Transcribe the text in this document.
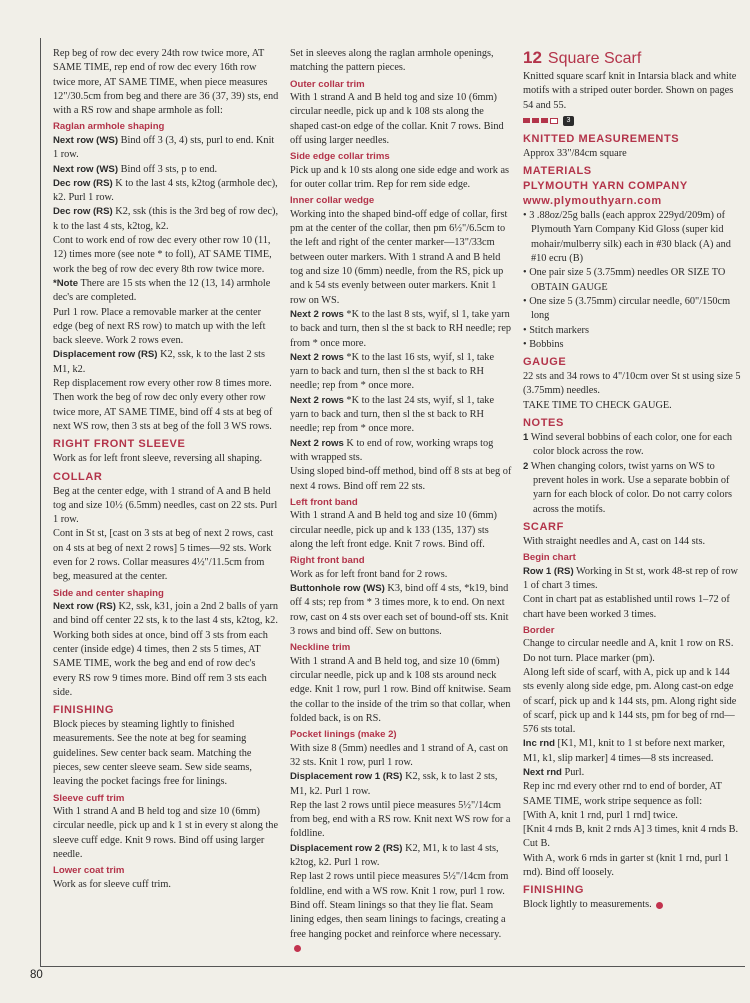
80

Rep beg of row dec every 24th row twice more, AT SAME TIME, rep end of row dec every 16th row twice more, AT SAME TIME, when piece measures 12"/30.5cm from beg and there are 36 (37, 39) sts, end with a RS row and shape armhole as foll:

Raglan armhole shaping

Next row (WS) Bind off 3 (3, 4) sts, purl to end. Knit 1 row.

Next row (WS) Bind off 3 sts, p to end.

Dec row (RS) K to the last 4 sts, k2tog (armhole dec), k2. Purl 1 row.

Dec row (RS) K2, ssk (this is the 3rd beg of row dec), k to the last 4 sts, k2tog, k2.

Cont to work end of row dec every other row 10 (11, 12) times more (see note * to foll), AT SAME TIME, work the beg of row dec every 8th row twice more.

*Note There are 15 sts when the 12 (13, 14) armhole dec's are completed.

Purl 1 row. Place a removable marker at the center edge (beg of next RS row) to match up with the left back sleeve. Work 2 rows even.

Displacement row (RS) K2, ssk, k to the last 2 sts M1, k2.

Rep displacement row every other row 8 times more. Then work the beg of row dec only every other row twice more, AT SAME TIME, bind off 4 sts at beg of next WS row, then 3 sts at beg of the foll 3 WS rows.

RIGHT FRONT SLEEVE

Work as for left front sleeve, reversing all shaping.

COLLAR

Beg at the center edge, with 1 strand of A and B held tog and size 10½ (6.5mm) needles, cast on 22 sts. Purl 1 row.

Cont in St st, [cast on 3 sts at beg of next 2 rows, cast on 4 sts at beg of next 2 rows] 5 times—92 sts. Work even for 2 rows. Collar measures 4½"/11.5cm from beg, measured at the center.

Side and center shaping

Next row (RS) K2, ssk, k31, join a 2nd 2 balls of yarn and bind off center 22 sts, k to the last 4 sts, k2tog, k2.

Working both sides at once, bind off 3 sts from each center (inside edge) 4 times, then 2 sts 5 times, AT SAME TIME, work the beg and end of row dec's every RS row 9 times more. Bind off rem 3 sts each side.

FINISHING

Block pieces by steaming lightly to finished measurements. See the note at beg for seaming guidelines. Sew center back seam. Matching the pieces, sew center sleeve seam. Sew side seams, leaving the pocket facings free for linings.

Sleeve cuff trim

With 1 strand A and B held tog and size 10 (6mm) circular needle, pick up and k 1 st in every st along the sleeve cuff edge. Knit 9 rows. Bind off using larger needle.

Lower coat trim

Work as for sleeve cuff trim.

Set in sleeves along the raglan armhole openings, matching the pattern pieces.

Outer collar trim

With 1 strand A and B held tog and size 10 (6mm) circular needle, pick up and k 108 sts along the shaped cast-on edge of the collar. Knit 7 rows. Bind off using larger needles.

Side edge collar trims

Pick up and k 10 sts along one side edge and work as for outer collar trim. Rep for rem side edge.

Inner collar wedge

Working into the shaped bind-off edge of collar, first pm at the center of the collar, then pm 6½"/6.5cm to the left and right of the center marker—13"/33cm between outer markers. With 1 strand A and B held tog and size 10 (6mm) needle, from the RS, pick up and k 54 sts evenly between outer markers. Knit 1 row on WS.

Next 2 rows *K to the last 8 sts, wyif, sl 1, take yarn to back and turn, then sl the st back to RH needle; rep from * once more.

Next 2 rows *K to the last 16 sts, wyif, sl 1, take yarn to back and turn, then sl the st back to RH needle; rep from * once more.

Next 2 rows *K to the last 24 sts, wyif, sl 1, take yarn to back and turn, then sl the st back to RH needle; rep from * once more.

Next 2 rows K to end of row, working wraps tog with wrapped sts.

Using sloped bind-off method, bind off 8 sts at beg of next 4 rows. Bind off rem 22 sts.

Left front band

With 1 strand A and B held tog and size 10 (6mm) circular needle, pick up and k 133 (135, 137) sts along the left front edge. Knit 7 rows. Bind off.

Right front band

Work as for left front band for 2 rows.

Buttonhole row (WS) K3, bind off 4 sts, *k19, bind off 4 sts; rep from * 3 times more, k to end. On next row, cast on 4 sts over each set of bound-off sts. Knit 3 rows and bind off. Sew on buttons.

Neckline trim

With 1 strand A and B held tog, and size 10 (6mm) circular needle, pick up and k 108 sts around neck edge. Knit 1 row, purl 1 row. Bind off knitwise. Seam the collar to the inside of the trim so that collar, when folded back, is on RS.

Pocket linings (make 2)

With size 8 (5mm) needles and 1 strand of A, cast on 32 sts. Knit 1 row, purl 1 row.

Displacement row 1 (RS) K2, ssk, k to last 2 sts, M1, k2. Purl 1 row.

Rep the last 2 rows until piece measures 5½"/14cm from beg, end with a RS row. Knit next WS row for a foldline.

Displacement row 2 (RS) K2, M1, k to last 4 sts, k2tog, k2. Purl 1 row.

Rep last 2 rows until piece measures 5½"/14cm from foldline, end with a WS row. Knit 1 row, purl 1 row. Bind off. Steam linings so that they lie flat. Seam lining edges, then seam linings to facings, creating a free hanging pocket and reinforce where necessary.

12 Square Scarf

Knitted square scarf knit in Intarsia black and white motifs with a striped outer border. Shown on pages 54 and 55.

3
KNITTED MEASUREMENTS

Approx 33"/84cm square

MATERIALS
PLYMOUTH YARN COMPANY
www.plymouthyarn.com

• 3 .88oz/25g balls (each approx 229yd/209m) of Plymouth Yarn Company Kid Gloss (super kid mohair/mulberry silk) each in #30 black (A) and #10 ecru (B)

• One pair size 5 (3.75mm) needles OR SIZE TO OBTAIN GAUGE

• One size 5 (3.75mm) circular needle, 60"/150cm long

• Stitch markers

• Bobbins

GAUGE

22 sts and 34 rows to 4"/10cm over St st using size 5 (3.75mm) needles.

TAKE TIME TO CHECK GAUGE.

NOTES

1 Wind several bobbins of each color, one for each color block across the row.

2 When changing colors, twist yarns on WS to prevent holes in work. Use a separate bobbin of yarn for each block of color. Do not carry colors across the motifs.

SCARF

With straight needles and A, cast on 144 sts.

Begin chart

Row 1 (RS) Working in St st, work 48-st rep of row 1 of chart 3 times.

Cont in chart pat as established until rows 1–72 of chart have been worked 3 times.

Border

Change to circular needle and A, knit 1 row on RS. Do not turn. Place marker (pm).

Along left side of scarf, with A, pick up and k 144 sts evenly along side edge, pm. Along cast-on edge of scarf, pick up and k 144 sts, pm. Along right side of scarf, pick up and k 144 sts, pm for beg of rnd—576 sts total.

Inc rnd [K1, M1, knit to 1 st before next marker, M1, k1, slip marker] 4 times—8 sts increased.

Next rnd Purl.

Rep inc rnd every other rnd to end of border, AT SAME TIME, work stripe sequence as foll:

[With A, knit 1 rnd, purl 1 rnd] twice.

[Knit 4 rnds B, knit 2 rnds A] 3 times, knit 4 rnds B. Cut B.

With A, work 6 rnds in garter st (knit 1 rnd, purl 1 rnd). Bind off loosely.

FINISHING

Block lightly to measurements.
